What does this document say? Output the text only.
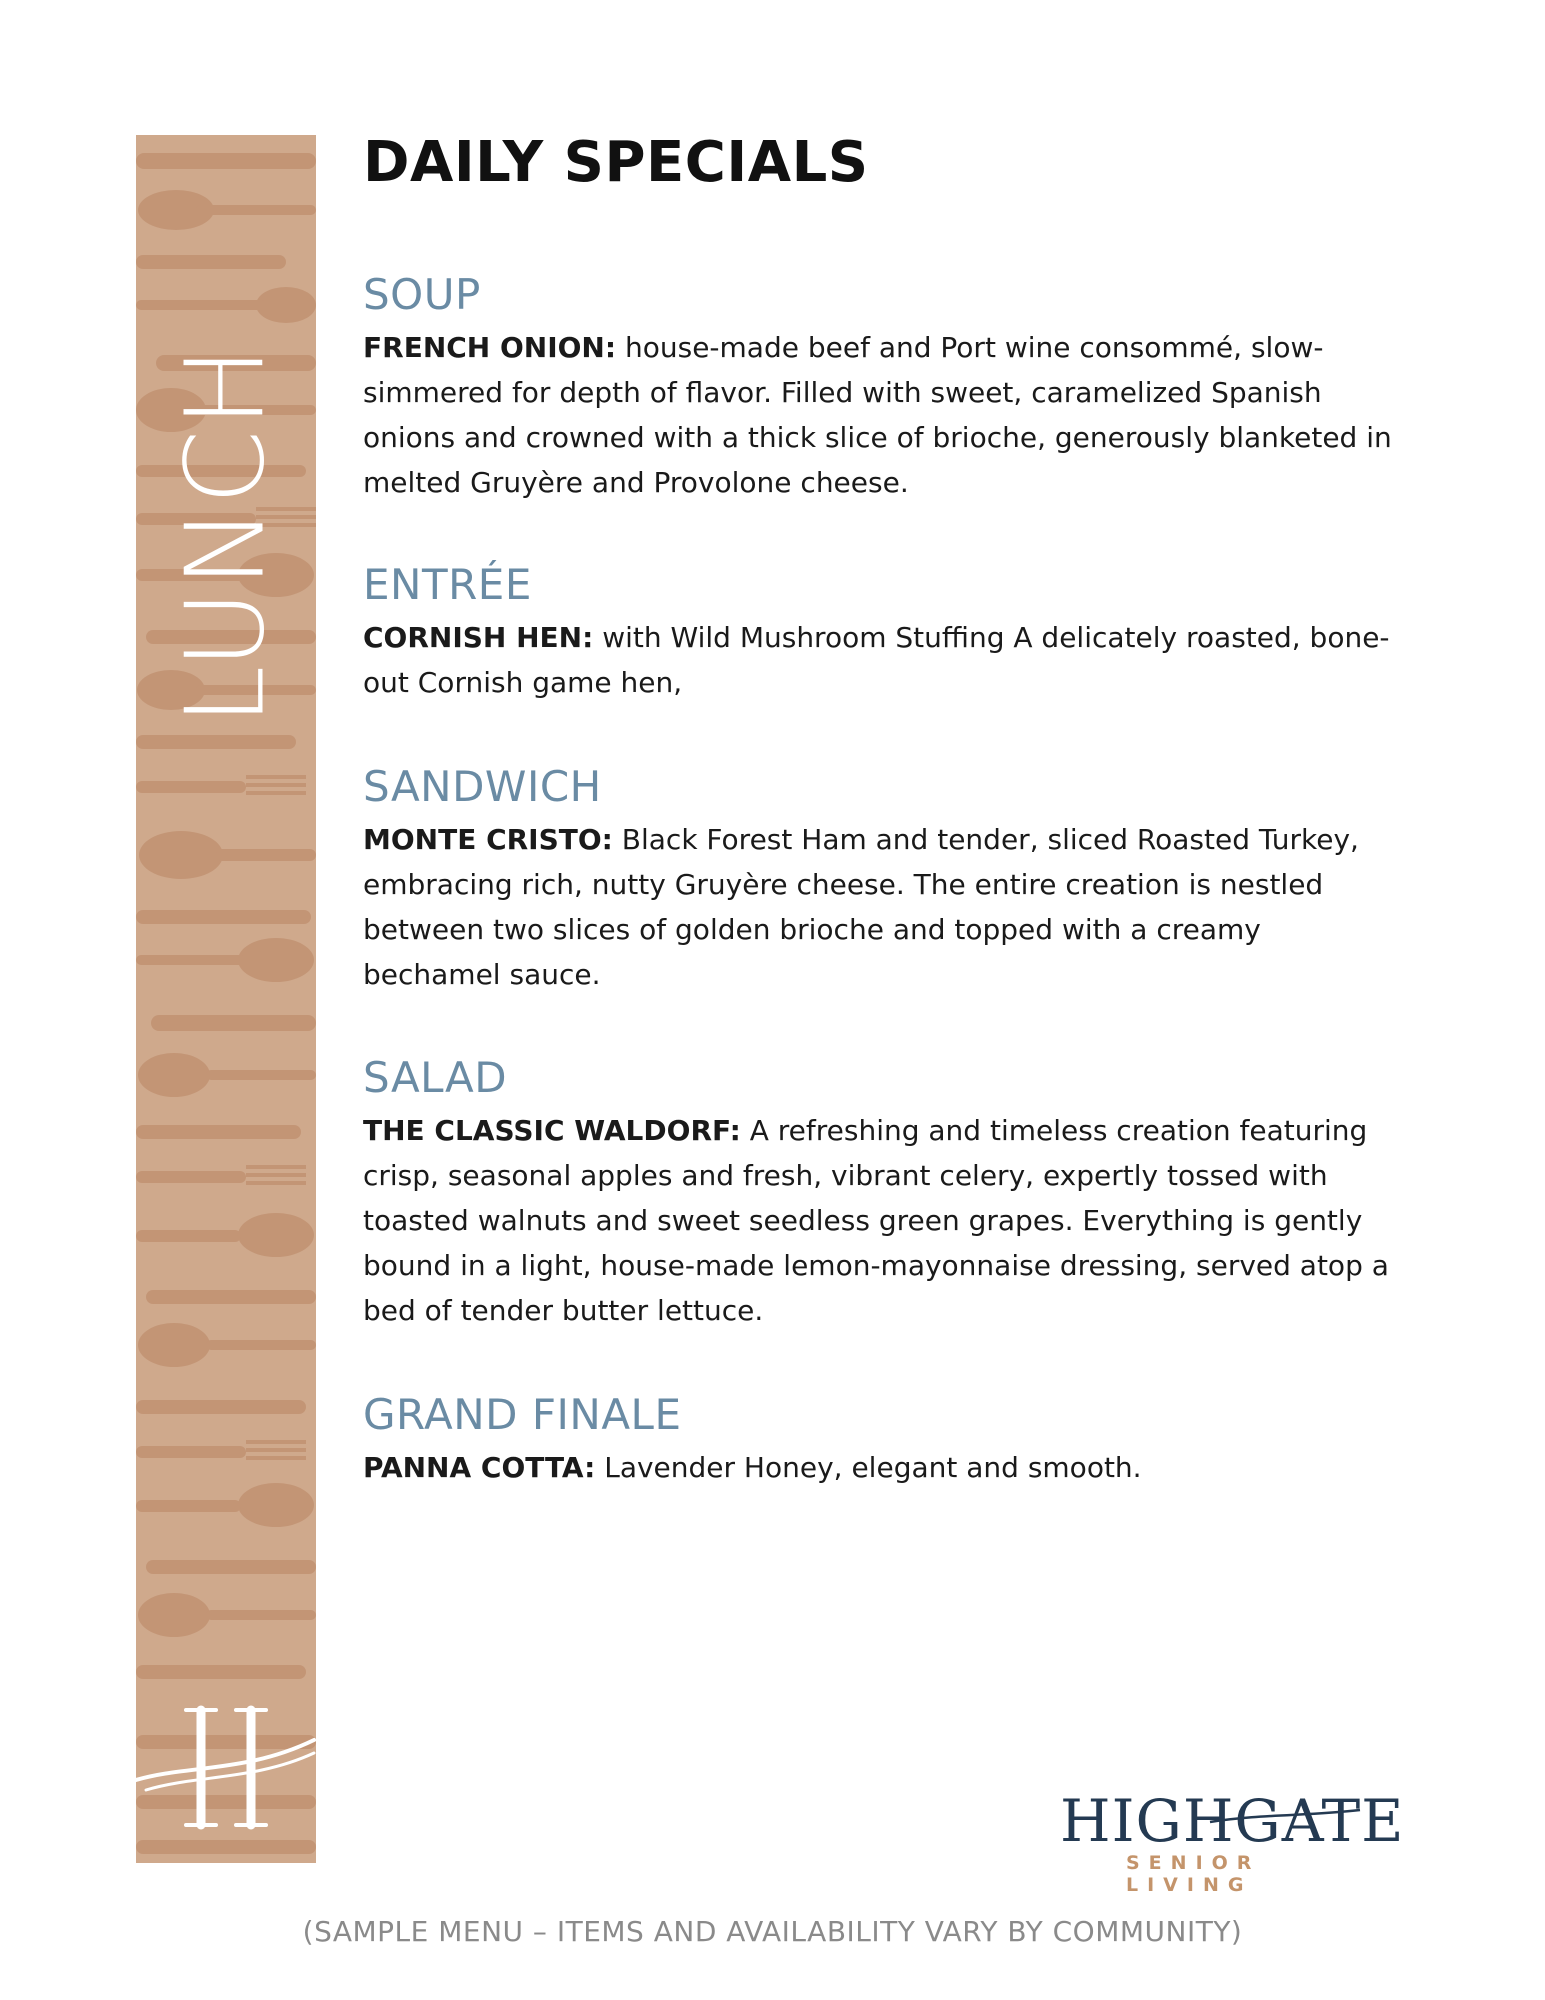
LUNCH
DAILY SPECIALS
SOUP

FRENCH ONION: house-made beef and Port wine consommé, slow-simmered for depth of flavor. Filled with sweet, caramelized Spanish onions and crowned with a thick slice of brioche, generously blanketed in melted Gruyère and Provolone cheese.

ENTRÉE

CORNISH HEN: with Wild Mushroom Stuffing A delicately roasted, bone-out Cornish game hen,

SANDWICH

MONTE CRISTO: Black Forest Ham and tender, sliced Roasted Turkey, embracing rich, nutty Gruyère cheese. The entire creation is nestled between two slices of golden brioche and topped with a creamy bechamel sauce.

SALAD

THE CLASSIC WALDORF: A refreshing and timeless creation featuring crisp, seasonal apples and fresh, vibrant celery, expertly tossed with toasted walnuts and sweet seedless green grapes. Everything is gently bound in a light, house-made lemon-mayonnaise dressing, served atop a bed of tender butter lettuce.

GRAND FINALE

PANNA COTTA: Lavender Honey, elegant and smooth.

HIGHGATE
SENIOR LIVING
(SAMPLE MENU – ITEMS AND AVAILABILITY VARY BY COMMUNITY)
